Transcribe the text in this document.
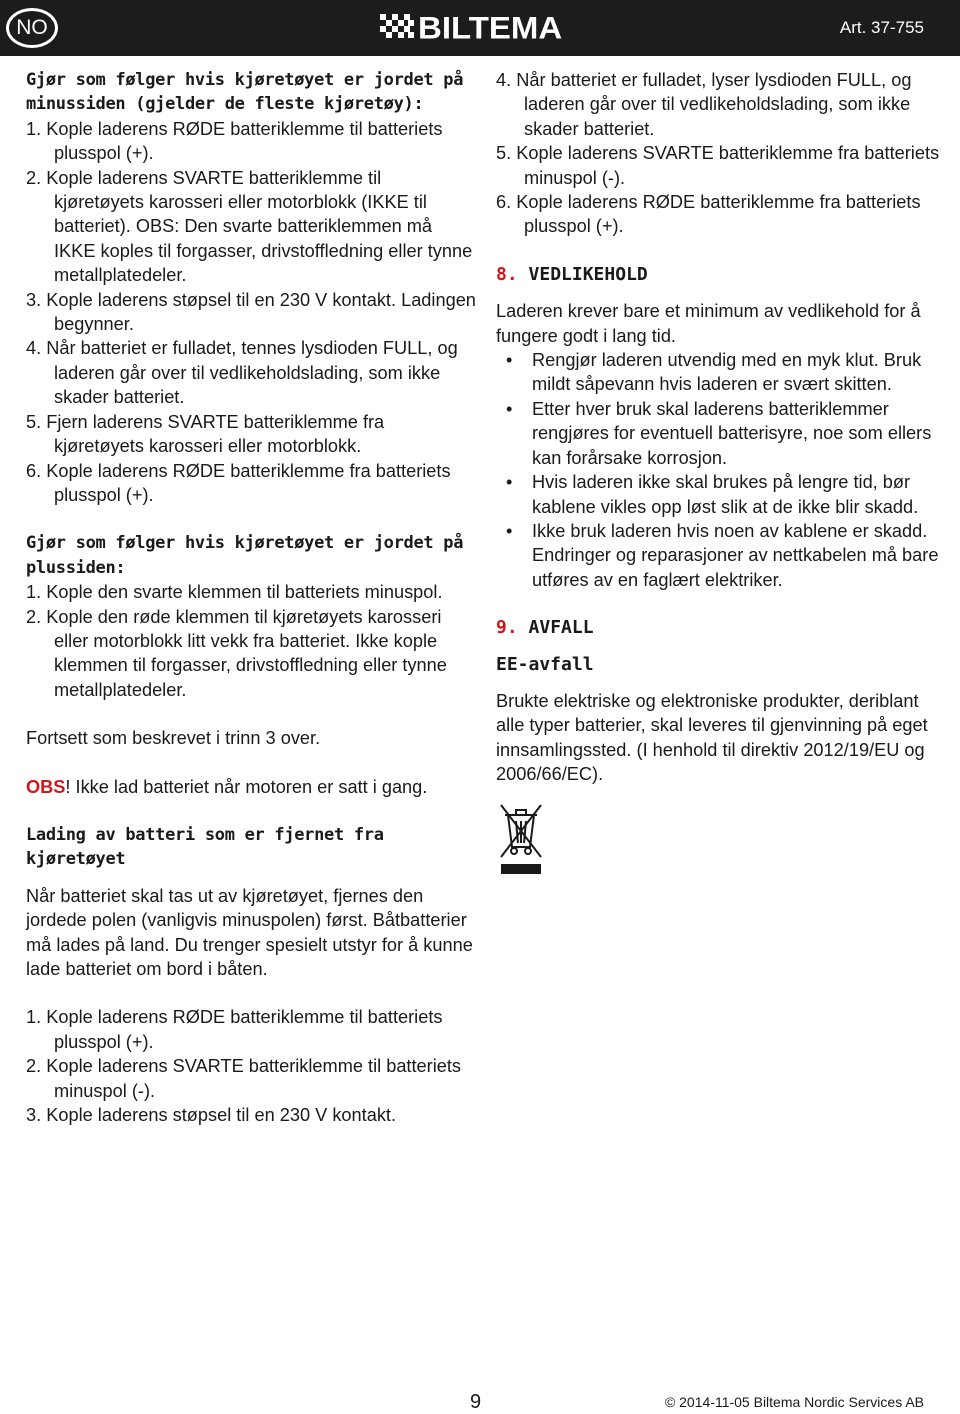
NO	BILTEMA	Art. 37-755

Gjør som følger hvis kjøretøyet er jordet på minussiden (gjelder de fleste kjøretøy):

1. Kople laderens RØDE batteriklemme til batteriets plusspol (+).

2. Kople laderens SVARTE batteriklemme til kjøretøyets karosseri eller motorblokk (IKKE til batteriet). OBS: Den svarte batteriklemmen må IKKE koples til forgasser, drivstoffledning eller tynne metallplatedeler.

3. Kople laderens støpsel til en 230 V kontakt. Ladingen begynner.

4. Når batteriet er fulladet, tennes lysdioden FULL, og laderen går over til vedlikeholdslading, som ikke skader batteriet.

5. Fjern laderens SVARTE batteriklemme fra kjøretøyets karosseri eller motorblokk.

6. Kople laderens RØDE batteriklemme fra batteriets plusspol (+).

Gjør som følger hvis kjøretøyet er jordet på plussiden:

1. Kople den svarte klemmen til batteriets minuspol.

2. Kople den røde klemmen til kjøretøyets karosseri eller motorblokk litt vekk fra batteriet. Ikke kople klemmen til forgasser, drivstoffledning eller tynne metallplatedeler.

Fortsett som beskrevet i trinn 3 over.

OBS! Ikke lad batteriet når motoren er satt i gang.

Lading av batteri som er fjernet fra kjøretøyet

Når batteriet skal tas ut av kjøretøyet, fjernes den jordede polen (vanligvis minuspolen) først. Båtbatterier må lades på land. Du trenger spesielt utstyr for å kunne lade batteriet om bord i båten.

1. Kople laderens RØDE batteriklemme til batteriets plusspol (+).

2. Kople laderens SVARTE batteriklemme til batteriets minuspol (-).

3. Kople laderens støpsel til en 230 V kontakt.

4. Når batteriet er fulladet, lyser lysdioden FULL, og laderen går over til vedlikeholdslading, som ikke skader batteriet.

5. Kople laderens SVARTE batteriklemme fra batteriets minuspol (-).

6. Kople laderens RØDE batteriklemme fra batteriets plusspol (+).

8. VEDLIKEHOLD

Laderen krever bare et minimum av vedlikehold for å fungere godt i lang tid.

• Rengjør laderen utvendig med en myk klut. Bruk mildt såpevann hvis laderen er svært skitten.

• Etter hver bruk skal laderens batteriklemmer rengjøres for eventuell batterisyre, noe som ellers kan forårsake korrosjon.

• Hvis laderen ikke skal brukes på lengre tid, bør kablene vikles opp løst slik at de ikke blir skadd.

• Ikke bruk laderen hvis noen av kablene er skadd. Endringer og reparasjoner av nettkabelen må bare utføres av en faglært elektriker.

9. AVFALL

EE-avfall

Brukte elektriske og elektroniske produkter, deriblant alle typer batterier, skal leveres til gjenvinning på eget innsamlingssted. (I henhold til direktiv 2012/19/EU og 2006/66/EC).

9	© 2014-11-05 Biltema Nordic Services AB
